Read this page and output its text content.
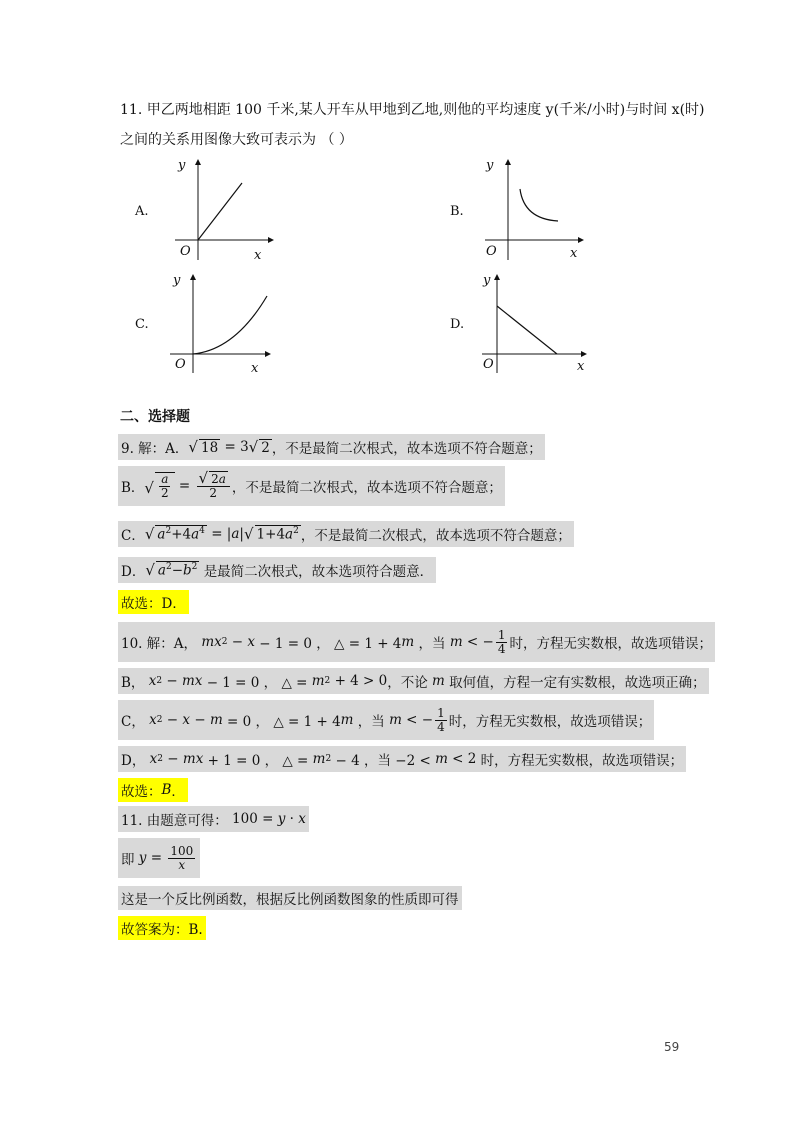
11. 甲乙两地相距 100 千米,某人开车从甲地到乙地,则他的平均速度 y(千米/小时)与时间 x(时)
之间的关系用图像大致可表示为 （ ）
A.	B.
C.	D.
y
O	x
y
O	x
y
O	x
y
O	x
二、选择题
9. 解：A． √ 18 = 3 √ 2 ，不是最简二次根式，故本选项不符合题意；
B． √ $\frac{a}{2}$ = √ $\frac{2a}{2}$ ，不是最简二次根式，故本选项不符合题意；
C． √ $a^2+4a^4$ = | a | √ $1+4a^2$ ，不是最简二次根式，故本选项不符合题意；
D． √ $a^2-b^2$
是最简二次根式，故本选项符合题意．
故选：D．
10. 解：A，
mx 2 − x − 1 = 0 ， △ = 1 + 4 m ，当 m < − $\frac{1}{4}$ 时，方程无实数根，故选项错误；
B，
x 2 − mx − 1 = 0 ， △ = m 2 + 4 > 0 ，不论
m
取何值，方程一定有实数根，故选项正确；
C，
x 2 − x − m = 0 ， △ = 1 + 4 m ，当 m < − $\frac{1}{4}$ 时，方程无实数根，故选项错误；
D，
x 2 − mx + 1 = 0 ， △ = m 2 − 4 ，当 −2 < m < 2 时，方程无实数根，故选项错误；
故选： B ．
11. 由题意可得： 100 = y · x
即
$y = \frac{100}{x}$
这是一个反比例函数，根据反比例函数图象的性质即可得
故答案为：B.
59
